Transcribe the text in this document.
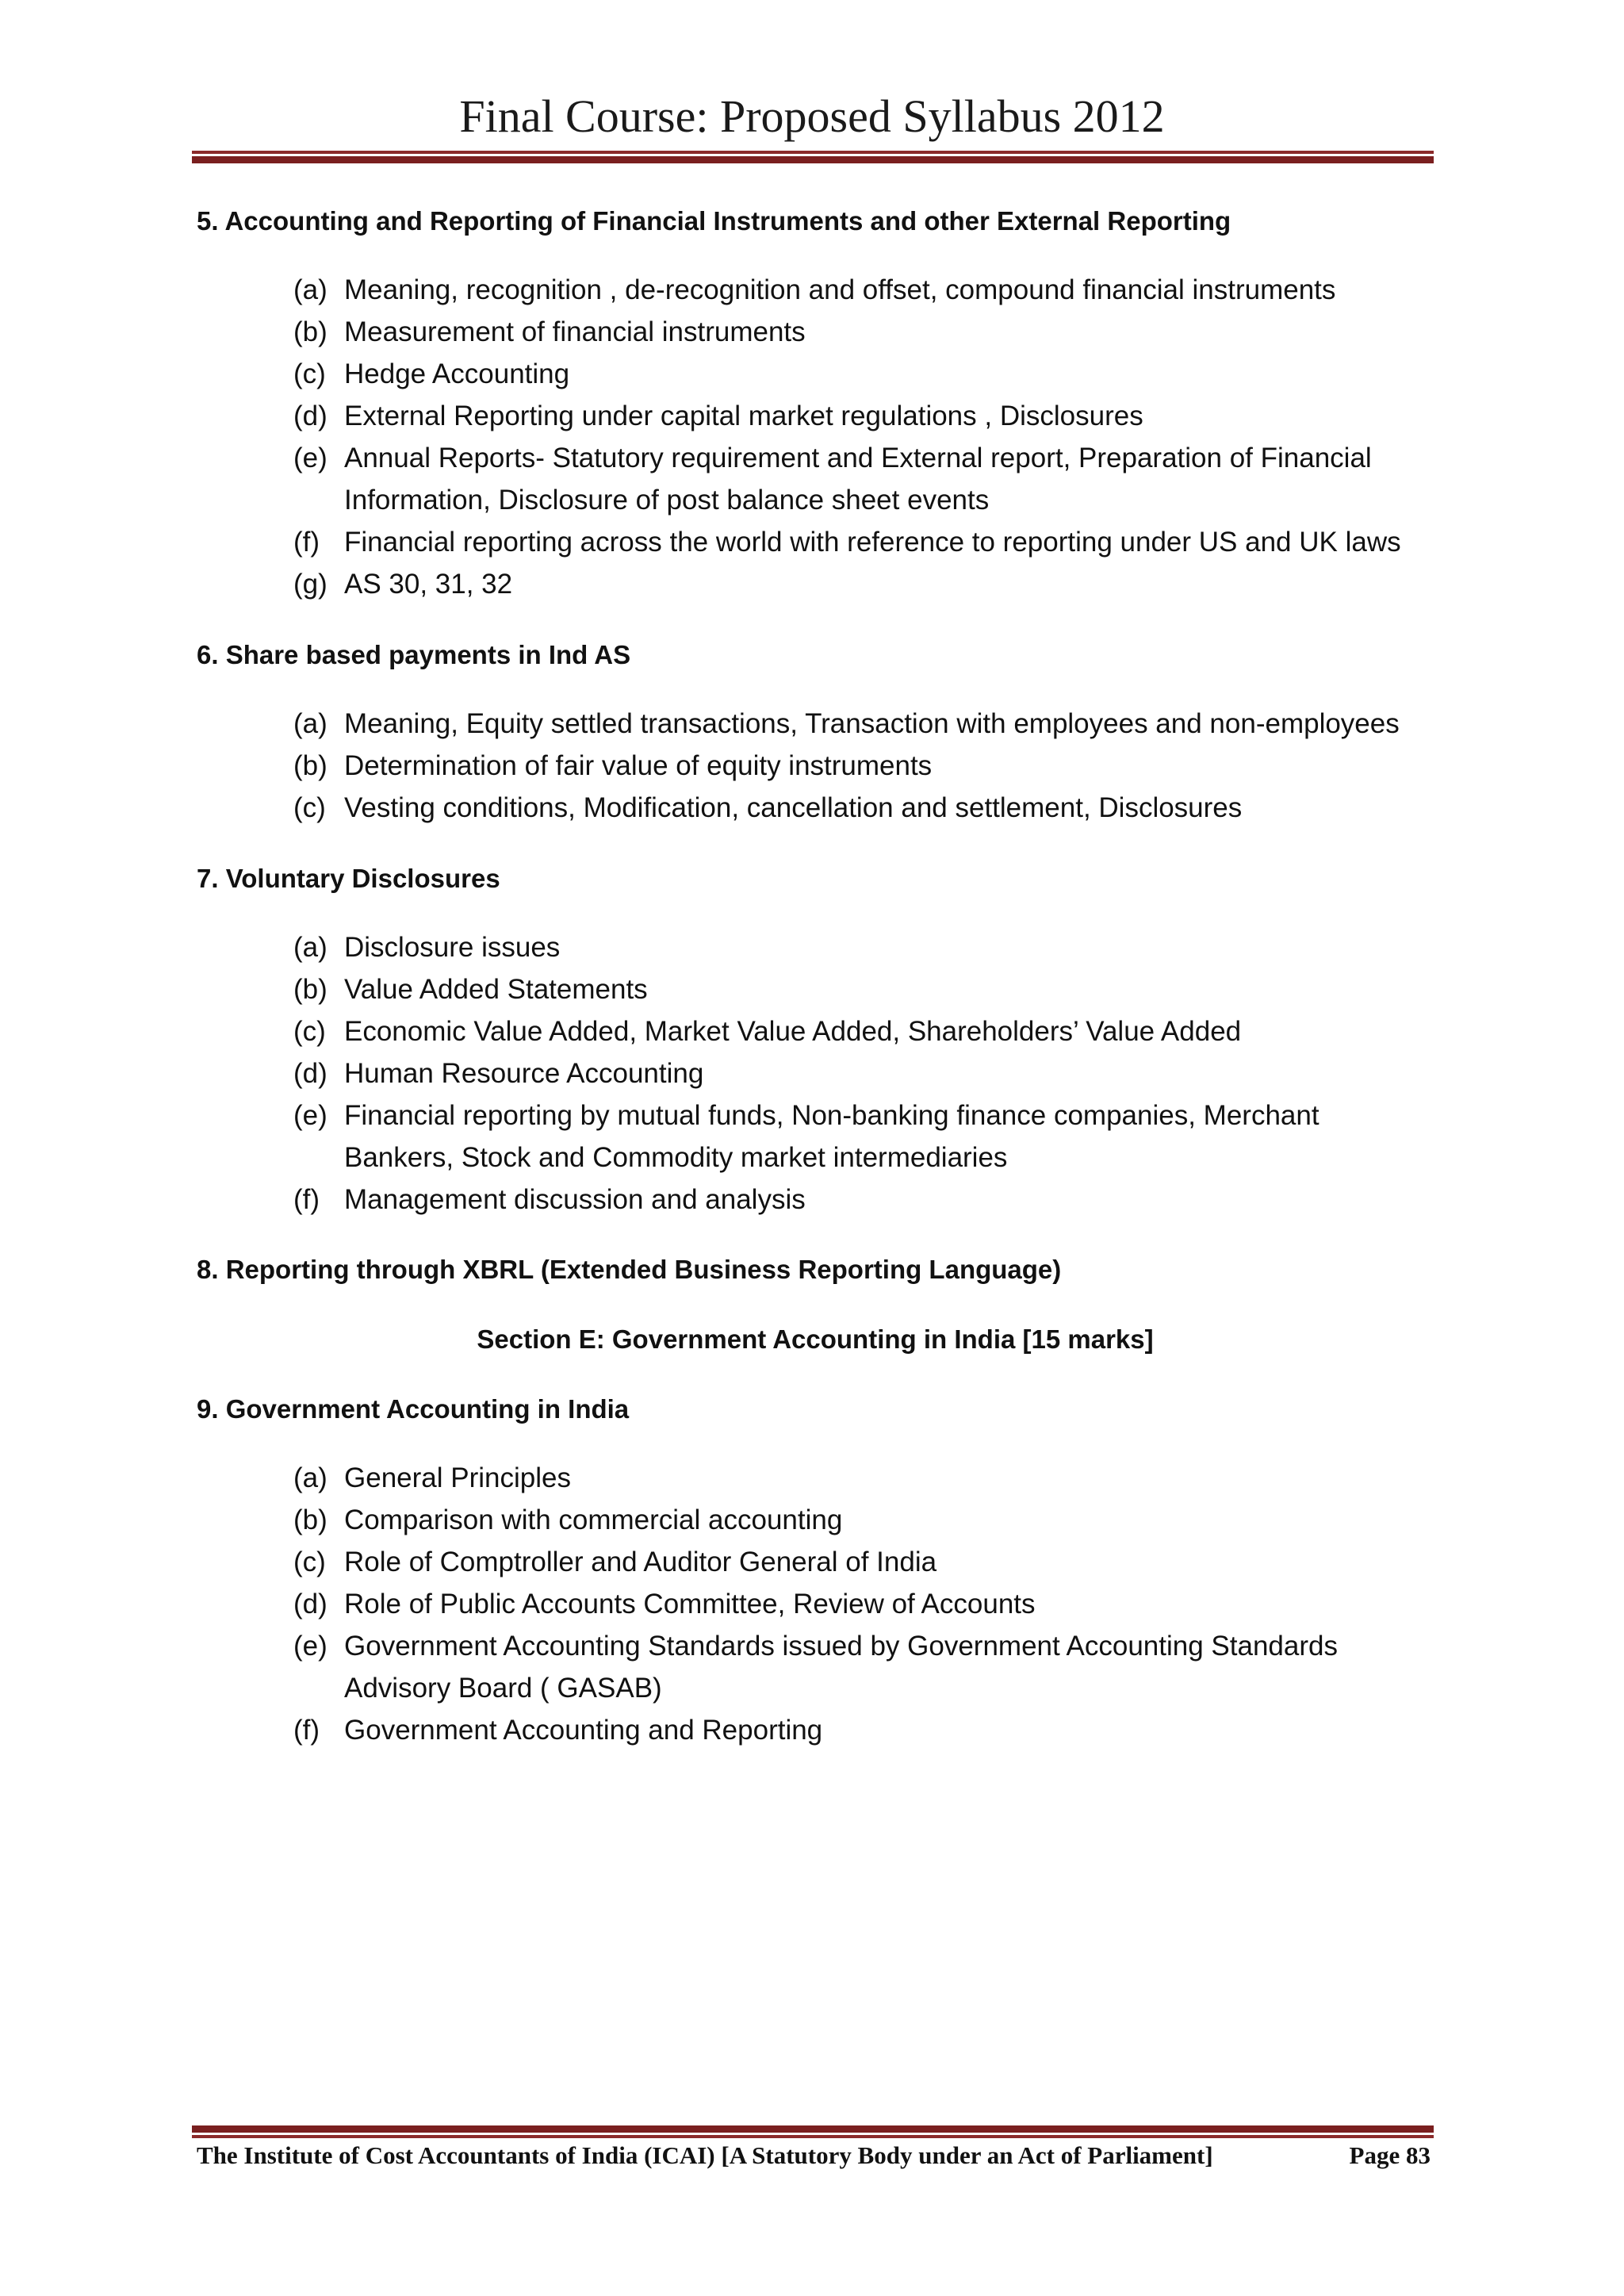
Final Course: Proposed Syllabus 2012
5. Accounting and Reporting of Financial Instruments and other External Reporting
(a) Meaning, recognition , de-recognition and offset, compound financial instruments
(b) Measurement of financial instruments
(c) Hedge Accounting
(d) External Reporting under capital market regulations , Disclosures
(e) Annual Reports- Statutory requirement and External report, Preparation of Financial Information, Disclosure of post balance sheet events
(f) Financial reporting across the world with reference to reporting under US and UK laws
(g) AS 30, 31, 32
6. Share based payments in Ind AS
(a) Meaning, Equity settled transactions, Transaction with employees and non-employees
(b) Determination of fair value of equity instruments
(c) Vesting conditions, Modification, cancellation and settlement, Disclosures
7. Voluntary Disclosures
(a) Disclosure issues
(b) Value Added Statements
(c) Economic Value Added, Market Value Added, Shareholders’ Value Added
(d) Human Resource Accounting
(e) Financial reporting by mutual funds, Non-banking finance companies, Merchant Bankers, Stock and Commodity market intermediaries
(f) Management discussion and analysis
8. Reporting through XBRL (Extended Business Reporting Language)
Section E: Government Accounting in India [15 marks]
9. Government Accounting in India
(a) General Principles
(b) Comparison with commercial accounting
(c) Role of Comptroller and Auditor General of India
(d) Role of Public Accounts Committee, Review of Accounts
(e) Government Accounting Standards issued by Government Accounting Standards Advisory Board ( GASAB)
(f) Government Accounting and Reporting
The Institute of Cost Accountants of India (ICAI) [A Statutory Body under an Act of Parliament]	Page 83
